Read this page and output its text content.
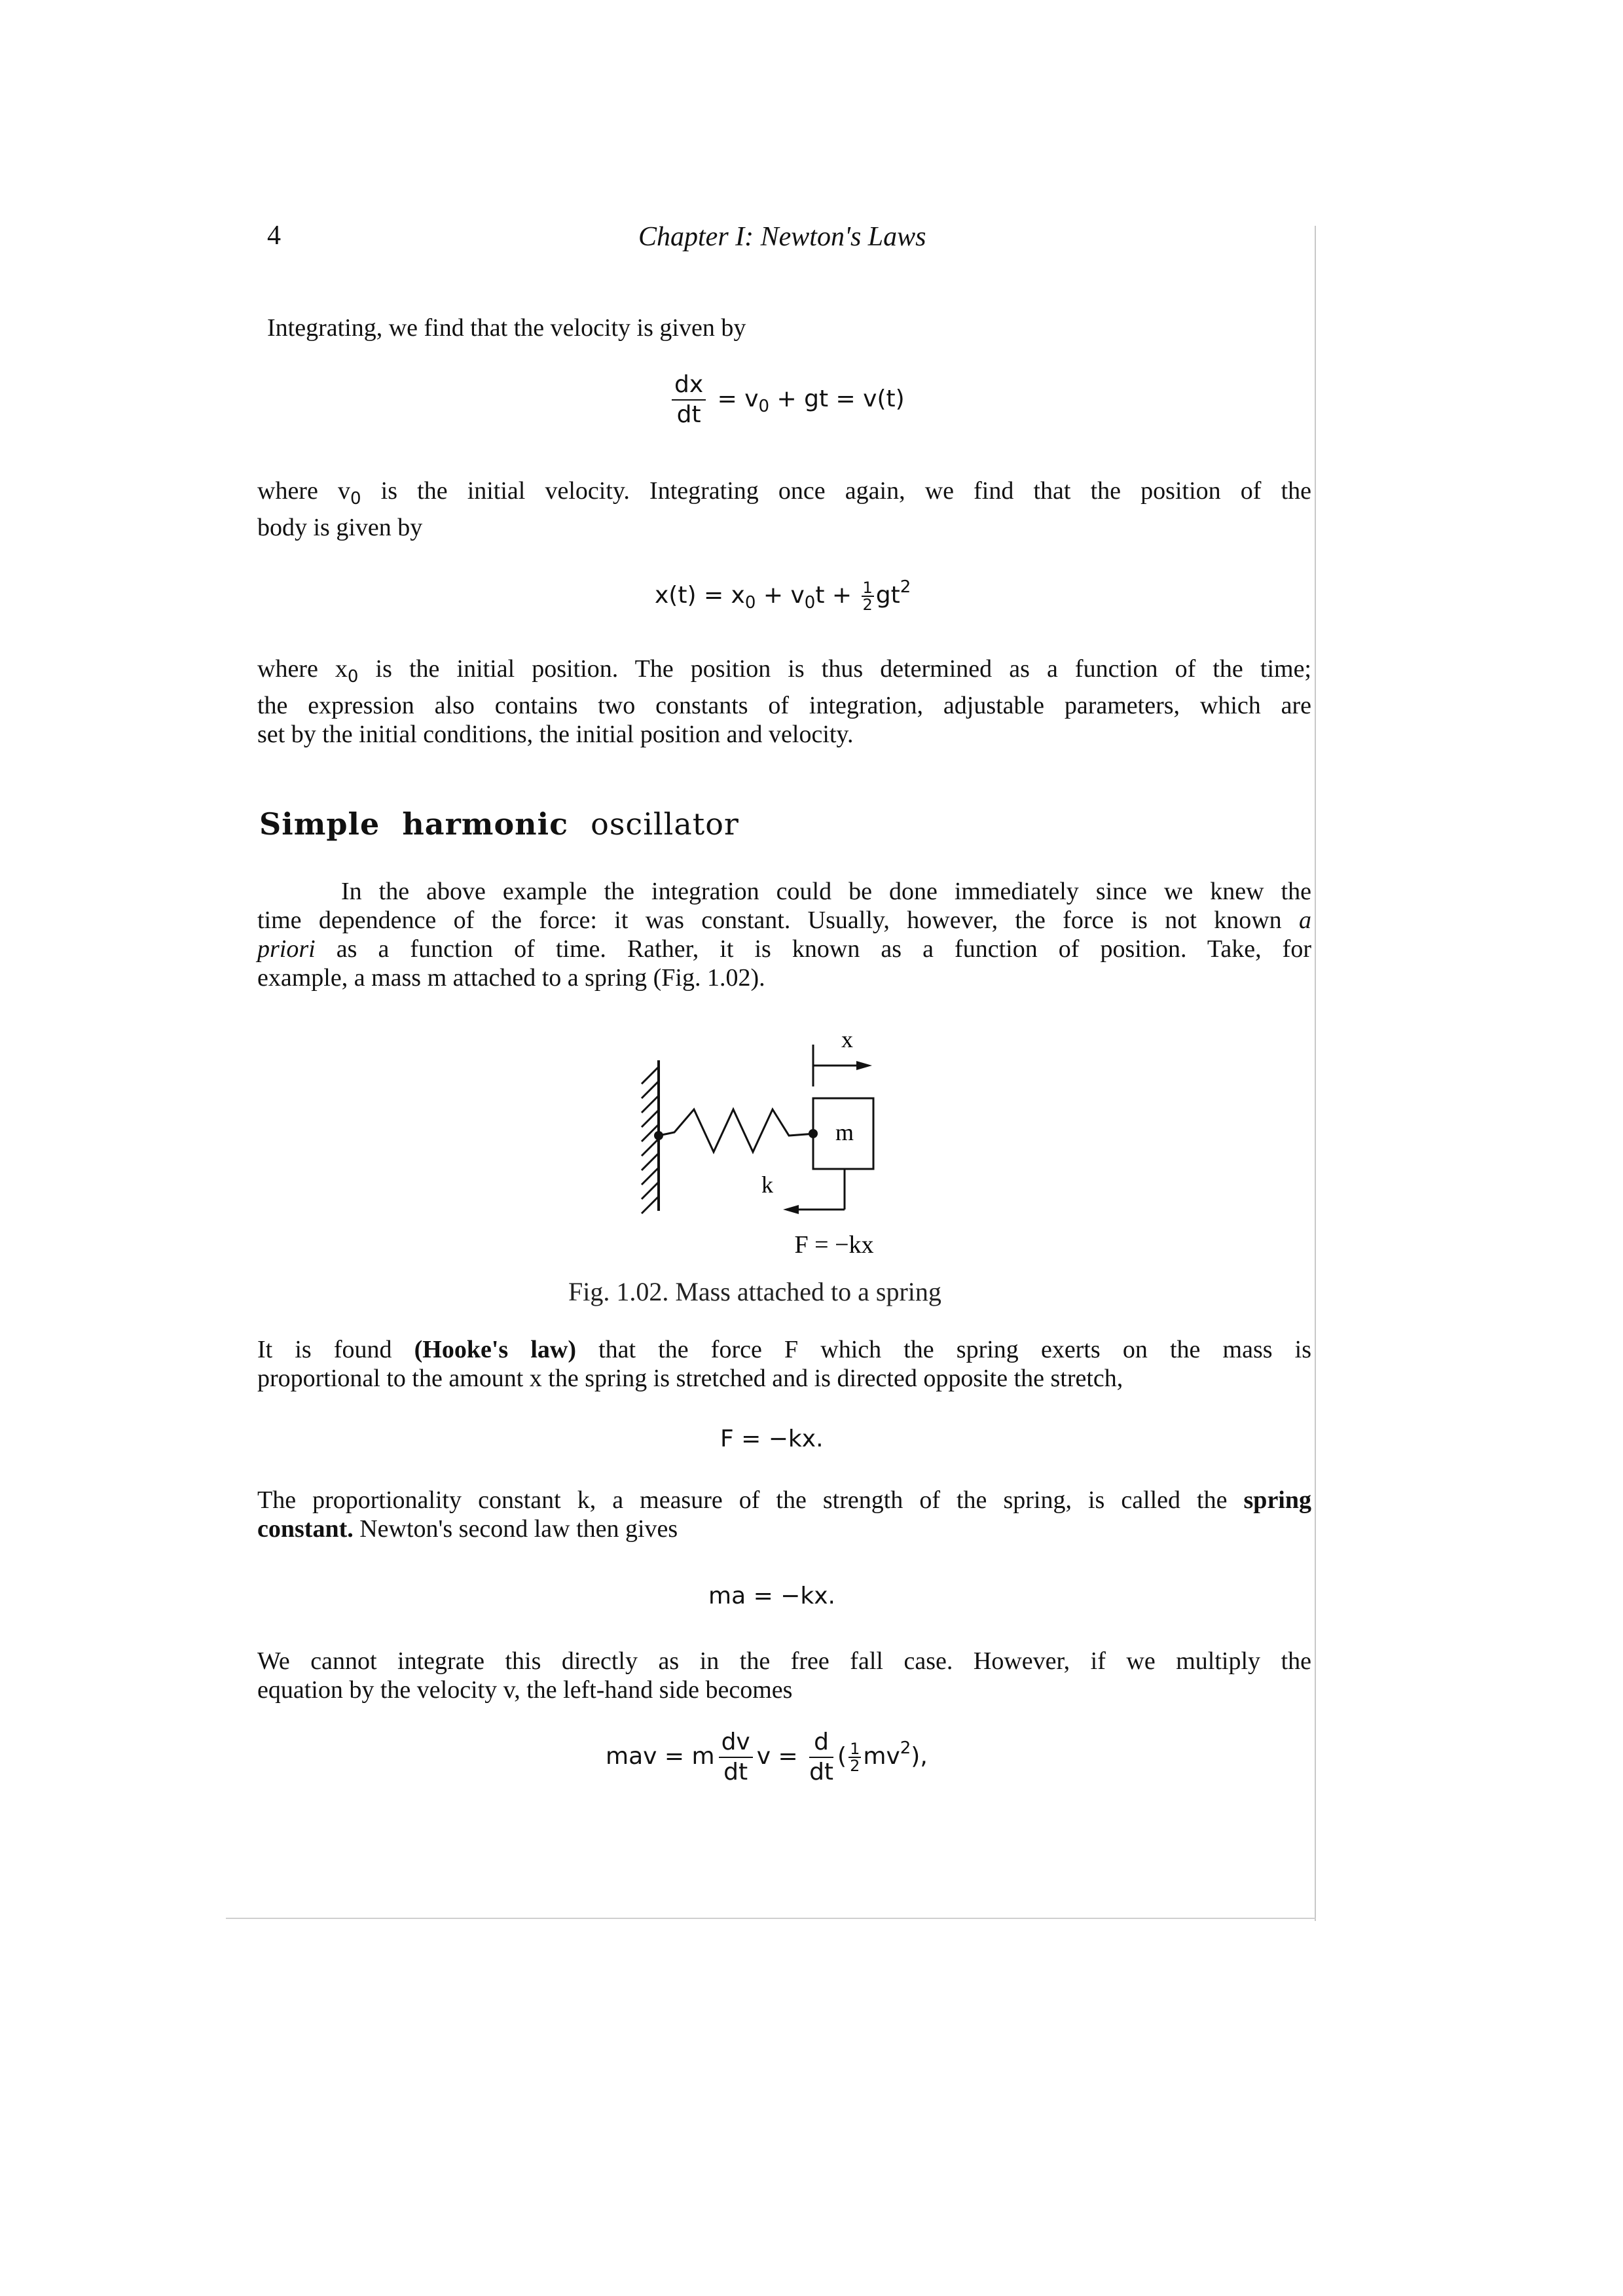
4	Chapter I: Newton's Laws
Integrating, we find that the velocity is given by
$\frac{dx}{dt} = v_0$ + gt = v(t)
where $v_0$ is the initial velocity. Integrating once again, we find that the position of the
body is given by
$x(t) = x_0 + v_0t + \frac{1}{2} gt^2$
where $x_0$ is the initial position. The position is thus determined as a function of the time;
the expression also contains two constants of integration, adjustable parameters, which are
set by the initial conditions, the initial position and velocity.
Simple harmonic oscillator
In the above example the integration could be done immediately since we knew the
time dependence of the force: it was constant. Usually, however, the force is not known a
priori as a function of time. Rather, it is known as a function of position. Take, for
example, a mass m attached to a spring (Fig. 1.02).
m
x
k
F = −kx
Fig. 1.02. Mass attached to a spring
It is found (Hooke's law) that the force F which the spring exerts on the mass is
proportional to the amount x the spring is stretched and is directed opposite the stretch,
F = −kx.
The proportionality constant k, a measure of the strength of the spring, is called the spring
constant. Newton's second law then gives
ma = −kx.
We cannot integrate this directly as in the free fall case. However, if we multiply the
equation by the velocity v, the left-hand side becomes
mav = m $\frac{dv}{dt}$ $v = \frac{d}{dt}$ ( $\frac{1}{2} mv^2$),
